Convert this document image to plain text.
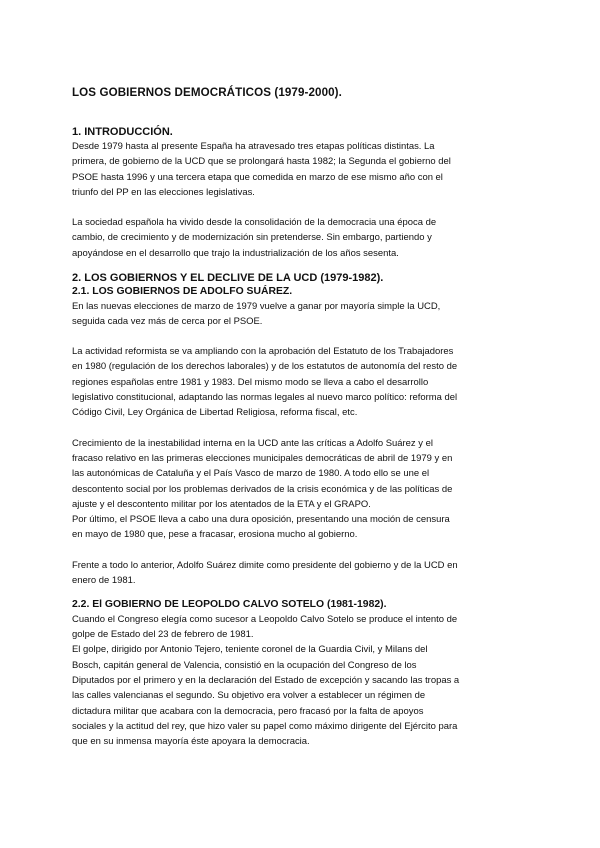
LOS GOBIERNOS DEMOCRÁTICOS (1979-2000).
1. INTRODUCCIÓN.
Desde 1979 hasta al presente España ha atravesado tres etapas políticas distintas. La
primera, de gobierno de la UCD que se prolongará hasta 1982; la Segunda el gobierno del
PSOE hasta 1996 y una tercera etapa que comedida en marzo de ese mismo año con el
triunfo del PP en las elecciones legislativas.
La sociedad española ha vivido desde la consolidación de la democracia una época de
cambio, de crecimiento y de modernización sin pretenderse. Sin embargo, partiendo y
apoyándose en el desarrollo que trajo la industrialización de los años sesenta.
2. LOS GOBIERNOS Y EL DECLIVE DE LA UCD (1979-1982).
2.1. LOS GOBIERNOS DE ADOLFO SUÁREZ.
En las nuevas elecciones de marzo de 1979 vuelve a ganar por mayoría simple la UCD,
seguida cada vez más de cerca por el PSOE.
La actividad reformista se va ampliando con la aprobación del Estatuto de los Trabajadores
en 1980 (regulación de los derechos laborales) y de los estatutos de autonomía del resto de
regiones españolas entre 1981 y 1983. Del mismo modo se lleva a cabo el desarrollo
legislativo constitucional, adaptando las normas legales al nuevo marco político: reforma del
Código Civil, Ley Orgánica de Libertad Religiosa, reforma fiscal, etc.
Crecimiento de la inestabilidad interna en la UCD ante las críticas a Adolfo Suárez y el
fracaso relativo en las primeras elecciones municipales democráticas de abril de 1979 y en
las autonómicas de Cataluña y el País Vasco de marzo de 1980. A todo ello se une el
descontento social por los problemas derivados de la crisis económica y de las políticas de
ajuste y el descontento militar por los atentados de la ETA y el GRAPO.
Por último, el PSOE lleva a cabo una dura oposición, presentando una moción de censura
en mayo de 1980 que, pese a fracasar, erosiona mucho al gobierno.
Frente a todo lo anterior, Adolfo Suárez dimite como presidente del gobierno y de la UCD en
enero de 1981.
2.2. El GOBIERNO DE LEOPOLDO CALVO SOTELO (1981-1982).
Cuando el Congreso elegía como sucesor a Leopoldo Calvo Sotelo se produce el intento de
golpe de Estado del 23 de febrero de 1981.
El golpe, dirigido por Antonio Tejero, teniente coronel de la Guardia Civil, y Milans del
Bosch, capitán general de Valencia, consistió en la ocupación del Congreso de los
Diputados por el primero y en la declaración del Estado de excepción y sacando las tropas a
las calles valencianas el segundo. Su objetivo era volver a establecer un régimen de
dictadura militar que acabara con la democracia, pero fracasó por la falta de apoyos
sociales y la actitud del rey, que hizo valer su papel como máximo dirigente del Ejército para
que en su inmensa mayoría éste apoyara la democracia.
